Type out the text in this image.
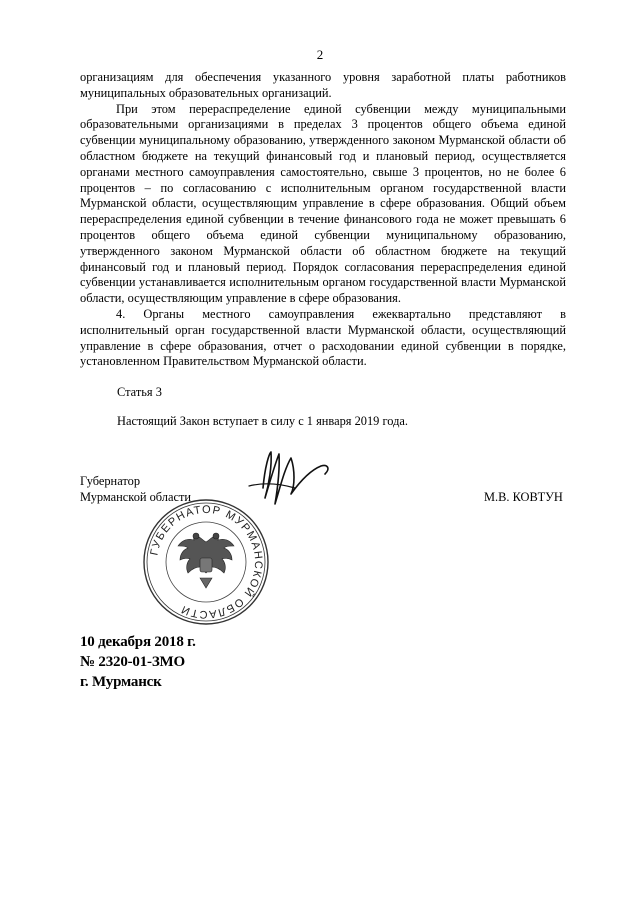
2

организациям для обеспечения указанного уровня заработной платы работников муниципальных образовательных организаций.

При этом перераспределение единой субвенции между муниципальными образовательными организациями в пределах 3 процентов общего объема единой субвенции муниципальному образованию, утвержденного законом Мурманской области об областном бюджете на текущий финансовый год и плановый период, осуществляется органами местного самоуправления самостоятельно, свыше 3 процентов, но не более 6 процентов – по согласованию с исполнительным органом государственной власти Мурманской области, осуществляющим управление в сфере образования. Общий объем перераспределения единой субвенции в течение финансового года не может превышать 6 процентов общего объема единой субвенции муниципальному образованию, утвержденного законом Мурманской области об областном бюджете на текущий финансовый год и плановый период. Порядок согласования перераспределения единой субвенции устанавливается исполнительным органом государственной власти Мурманской области, осуществляющим управление в сфере образования.

4. Органы местного самоуправления ежеквартально представляют в исполнительный орган государственной власти Мурманской области, осуществляющий управление в сфере образования, отчет о расходовании единой субвенции в порядке, установленном Правительством Мурманской области.

Статья 3
Настоящий Закон вступает в силу с 1 января 2019 года.
ГУБЕРНАТОР МУРМАНСКОЙ ОБЛАСТИ
Губернатор
Мурманской области	М.В. КОВТУН
10 декабря 2018 г.
№ 2320-01-ЗМО
г. Мурманск
